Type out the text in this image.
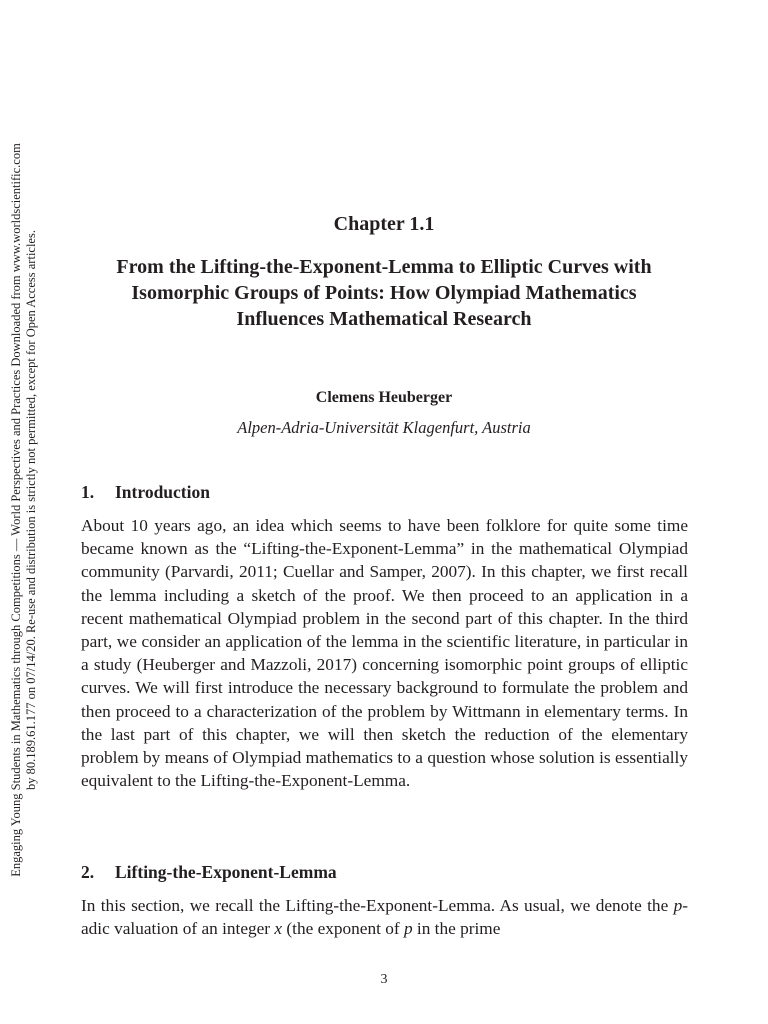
Engaging Young Students in Mathematics through Competitions — World Perspectives and Practices Downloaded from www.worldscientific.com by 80.189.61.177 on 07/14/20. Re-use and distribution is strictly not permitted, except for Open Access articles.
Chapter 1.1
From the Lifting-the-Exponent-Lemma to Elliptic Curves with Isomorphic Groups of Points: How Olympiad Mathematics Influences Mathematical Research
Clemens Heuberger
Alpen-Adria-Universität Klagenfurt, Austria
1. Introduction
About 10 years ago, an idea which seems to have been folklore for quite some time became known as the “Lifting-the-Exponent-Lemma” in the mathematical Olympiad community (Parvardi, 2011; Cuellar and Samper, 2007). In this chapter, we first recall the lemma including a sketch of the proof. We then proceed to an application in a recent mathematical Olympiad problem in the second part of this chapter. In the third part, we consider an application of the lemma in the scientific literature, in particular in a study (Heuberger and Mazzoli, 2017) concerning isomorphic point groups of elliptic curves. We will first introduce the necessary background to formulate the problem and then proceed to a characterization of the problem by Wittmann in elementary terms. In the last part of this chapter, we will then sketch the reduction of the elementary problem by means of Olympiad mathematics to a question whose solution is essentially equivalent to the Lifting-the-Exponent-Lemma.
2. Lifting-the-Exponent-Lemma
In this section, we recall the Lifting-the-Exponent-Lemma. As usual, we denote the p-adic valuation of an integer x (the exponent of p in the prime
3
